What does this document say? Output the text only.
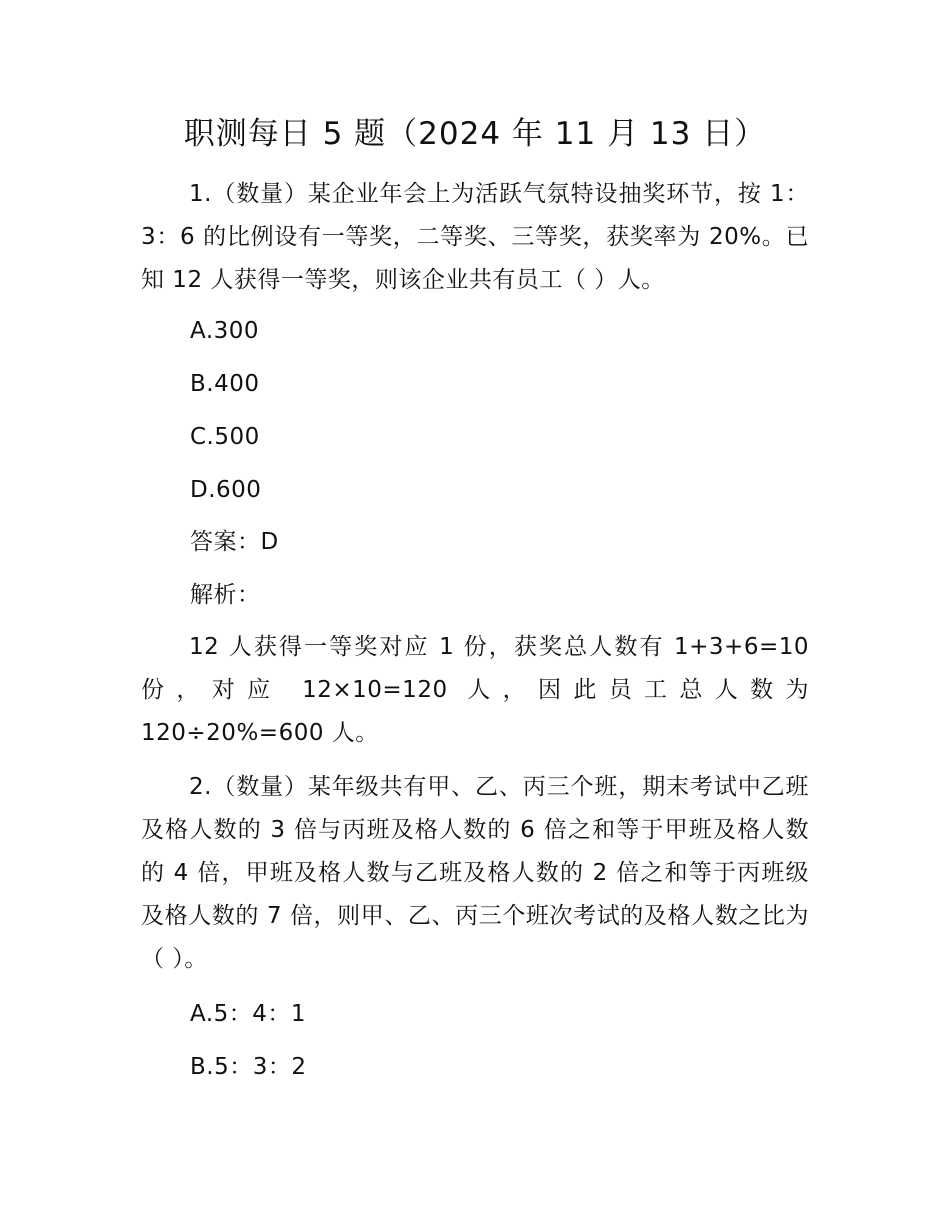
职测每日 5 题（2024 年 11 月 13 日）

1.（数量）某企业年会上为活跃气氛特设抽奖环节，按 1：3：6 的比例设有一等奖，二等奖、三等奖，获奖率为 20%。已知 12 人获得一等奖，则该企业共有员工（ ）人。

A.300

B.400

C.500

D.600

答案：D

解析：

12 人获得一等奖对应 1 份，获奖总人数有 1+3+6=10 份，对应 12×10=120 人，因此员工总人数为 120÷20%=600 人。

2.（数量）某年级共有甲、乙、丙三个班，期末考试中乙班及格人数的 3 倍与丙班及格人数的 6 倍之和等于甲班及格人数的 4 倍，甲班及格人数与乙班及格人数的 2 倍之和等于丙班级及格人数的 7 倍，则甲、乙、丙三个班次考试的及格人数之比为（ ）。

A.5：4：1

B.5：3：2
